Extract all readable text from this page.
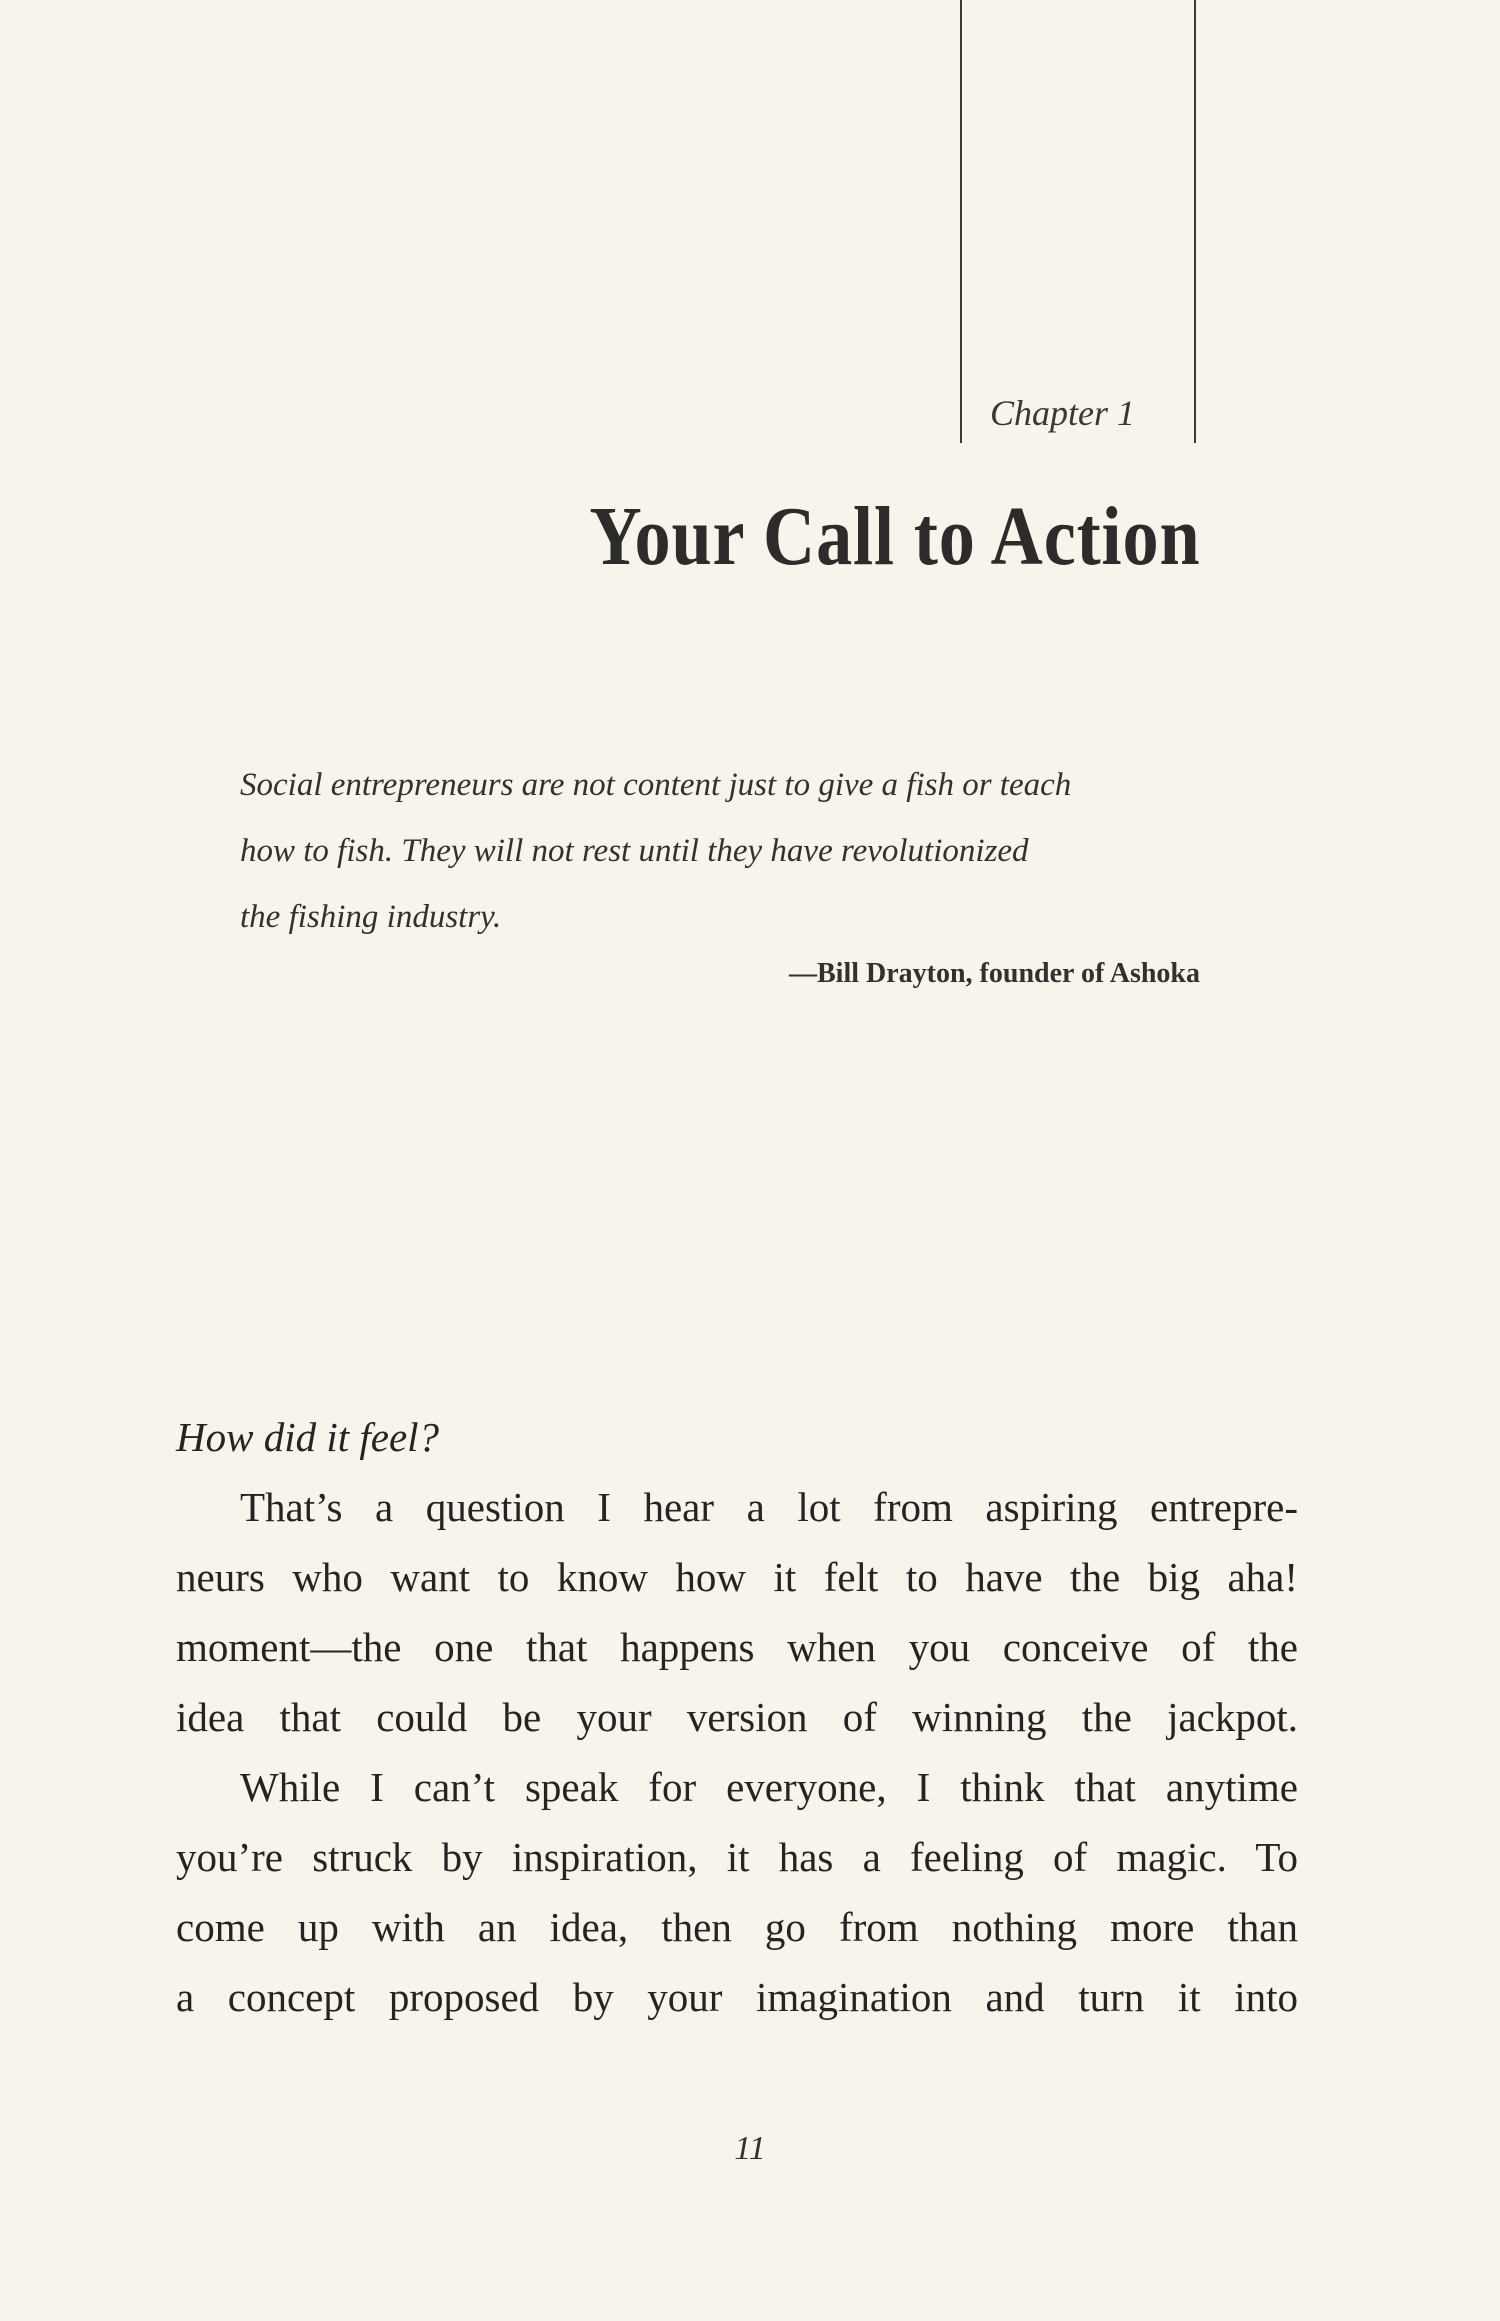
Chapter 1
Your Call to Action
Social entrepreneurs are not content just to give a fish or teach
how to fish. They will not rest until they have revolutionized
the fishing industry.
—Bill Drayton, founder of Ashoka
How did it feel?
That’s a question I hear a lot from aspiring entrepre-
neurs who want to know how it felt to have the big aha!
moment—the one that happens when you conceive of the
idea that could be your version of winning the jackpot.
While I can’t speak for everyone, I think that anytime
you’re struck by inspiration, it has a feeling of magic. To
come up with an idea, then go from nothing more than
a concept proposed by your imagination and turn it into
11
